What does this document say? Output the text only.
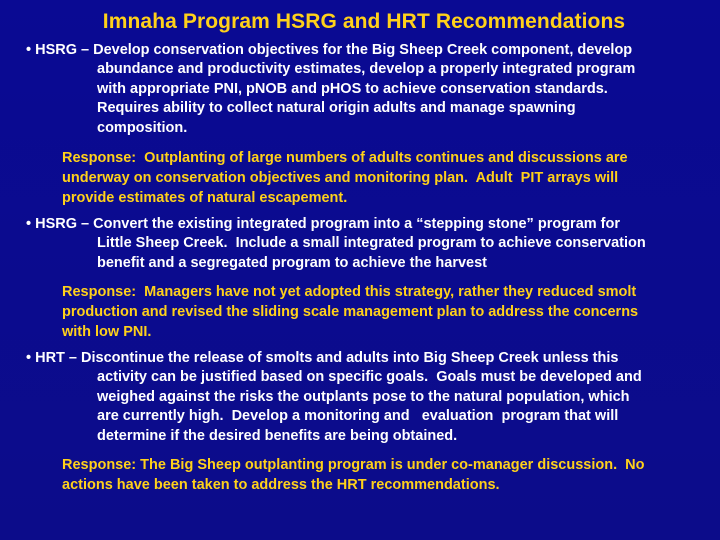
Imnaha Program HSRG and HRT Recommendations
• HSRG – Develop conservation objectives for the Big Sheep Creek component, develop
abundance and productivity estimates, develop a properly integrated program
with appropriate PNI, pNOB and pHOS to achieve conservation standards.
Requires ability to collect natural origin adults and manage spawning
composition.
Response:  Outplanting of large numbers of adults continues and discussions are
underway on conservation objectives and monitoring plan.  Adult  PIT arrays will
provide estimates of natural escapement.
• HSRG – Convert the existing integrated program into a “stepping stone” program for
Little Sheep Creek.  Include a small integrated program to achieve conservation
benefit and a segregated program to achieve the harvest
Response:  Managers have not yet adopted this strategy, rather they reduced smolt
production and revised the sliding scale management plan to address the concerns
with low PNI.
• HRT – Discontinue the release of smolts and adults into Big Sheep Creek unless this
activity can be justified based on specific goals.  Goals must be developed and
weighed against the risks the outplants pose to the natural population, which
are currently high.  Develop a monitoring and   evaluation  program that will
determine if the desired benefits are being obtained.
Response: The Big Sheep outplanting program is under co-manager discussion.  No
actions have been taken to address the HRT recommendations.
